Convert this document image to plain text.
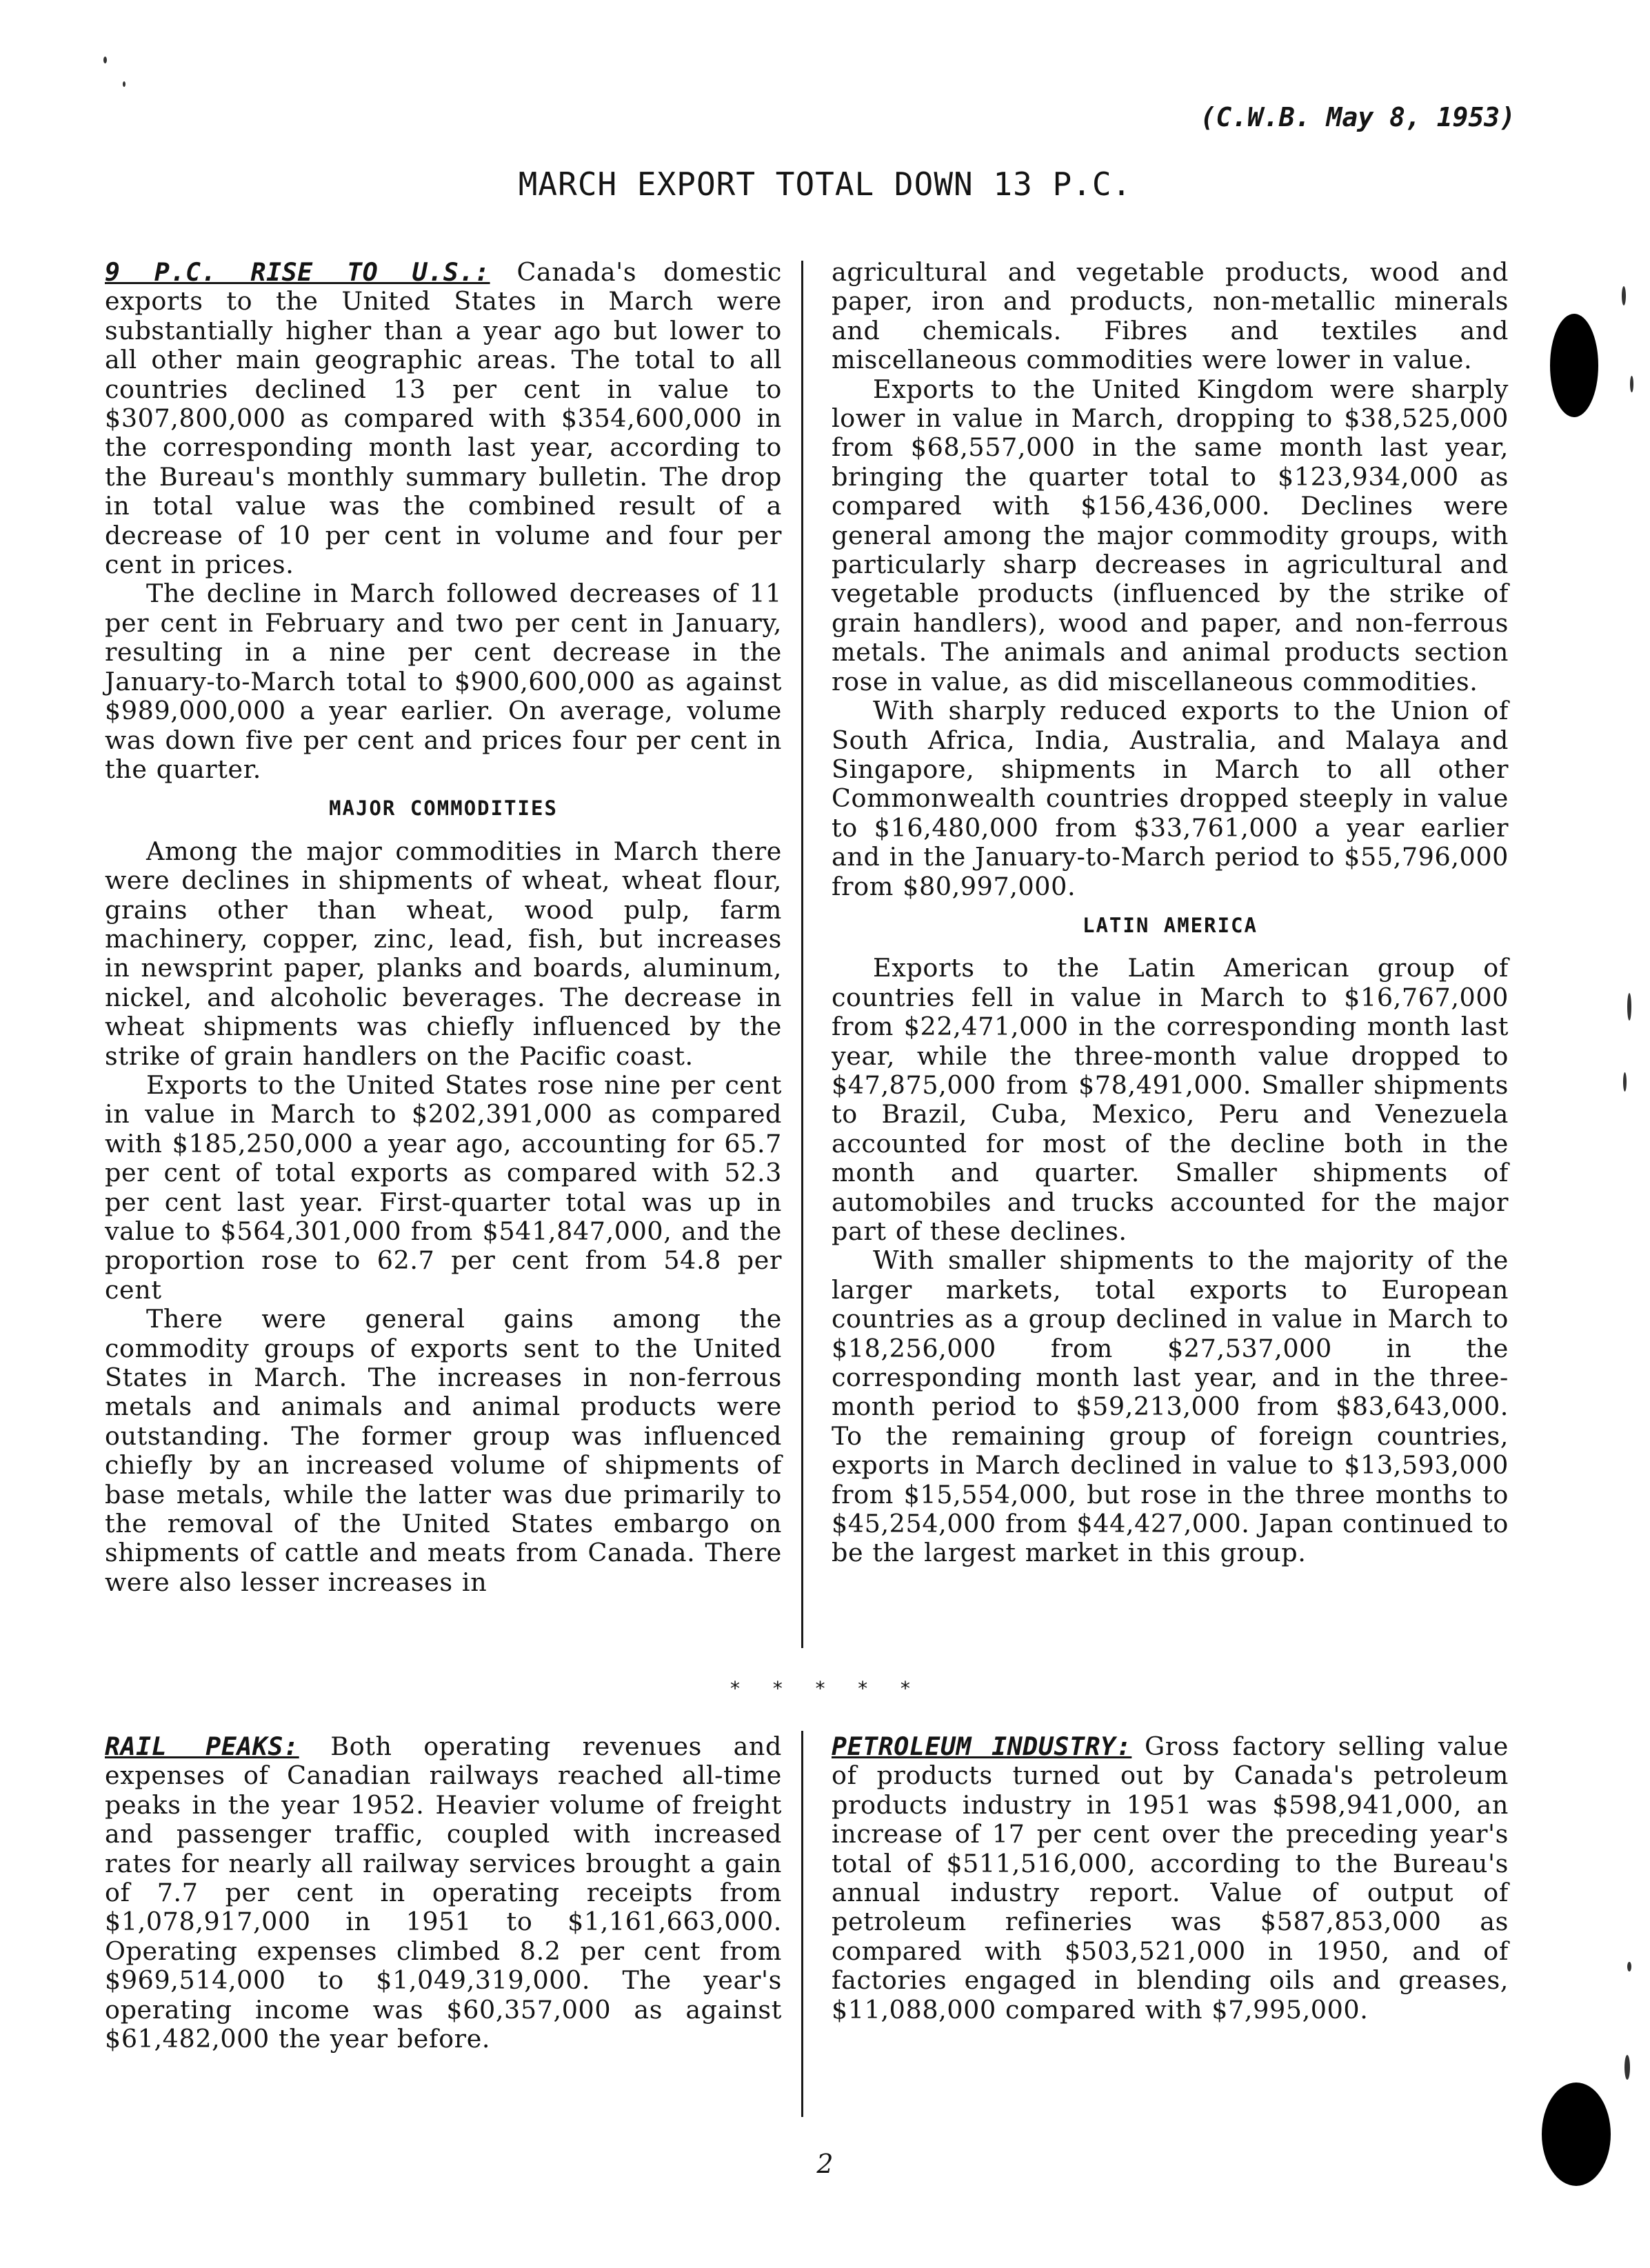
(C.W.B. May 8, 1953)
MARCH EXPORT TOTAL DOWN 13 P.C.

9 P.C. RISE TO U.S.: Canada's domestic exports to the United States in March were substantially higher than a year ago but lower to all other main geographic areas. The total to all countries declined 13 per cent in value to $307,800,000 as compared with $354,600,000 in the corresponding month last year, according to the Bureau's monthly summary bulletin. The drop in total value was the combined result of a decrease of 10 per cent in volume and four per cent in prices.

The decline in March followed decreases of 11 per cent in February and two per cent in January, resulting in a nine per cent decrease in the January-to-March total to $900,600,000 as against $989,000,000 a year earlier. On average, volume was down five per cent and prices four per cent in the quarter.

MAJOR COMMODITIES

Among the major commodities in March there were declines in shipments of wheat, wheat flour, grains other than wheat, wood pulp, farm machinery, copper, zinc, lead, fish, but increases in newsprint paper, planks and boards, aluminum, nickel, and alcoholic beverages. The decrease in wheat shipments was chiefly influenced by the strike of grain handlers on the Pacific coast.

Exports to the United States rose nine per cent in value in March to $202,391,000 as compared with $185,250,000 a year ago, accounting for 65.7 per cent of total exports as compared with 52.3 per cent last year. First-quarter total was up in value to $564,301,000 from $541,847,000, and the proportion rose to 62.7 per cent from 54.8 per cent

There were general gains among the commodity groups of exports sent to the United States in March. The increases in non-ferrous metals and animals and animal products were outstanding. The former group was influenced chiefly by an increased volume of shipments of base metals, while the latter was due primarily to the removal of the United States embargo on shipments of cattle and meats from Canada. There were also lesser increases in

agricultural and vegetable products, wood and paper, iron and products, non-metallic minerals and chemicals. Fibres and textiles and miscellaneous commodities were lower in value.

Exports to the United Kingdom were sharply lower in value in March, dropping to $38,525,000 from $68,557,000 in the same month last year, bringing the quarter total to $123,934,000 as compared with $156,436,000. Declines were general among the major commodity groups, with particularly sharp decreases in agricultural and vegetable products (influenced by the strike of grain handlers), wood and paper, and non-ferrous metals. The animals and animal products section rose in value, as did miscellaneous commodities.

With sharply reduced exports to the Union of South Africa, India, Australia, and Malaya and Singapore, shipments in March to all other Commonwealth countries dropped steeply in value to $16,480,000 from $33,761,000 a year earlier and in the January-to-March period to $55,796,000 from $80,997,000.

LATIN AMERICA

Exports to the Latin American group of countries fell in value in March to $16,767,000 from $22,471,000 in the corresponding month last year, while the three-month value dropped to $47,875,000 from $78,491,000. Smaller shipments to Brazil, Cuba, Mexico, Peru and Venezuela accounted for most of the decline both in the month and quarter. Smaller shipments of automobiles and trucks accounted for the major part of these declines.

With smaller shipments to the majority of the larger markets, total exports to European countries as a group declined in value in March to $18,256,000 from $27,537,000 in the corresponding month last year, and in the three-month period to $59,213,000 from $83,643,000. To the remaining group of foreign countries, exports in March declined in value to $13,593,000 from $15,554,000, but rose in the three months to $45,254,000 from $44,427,000. Japan continued to be the largest market in this group.

* * * * *

RAIL PEAKS: Both operating revenues and expenses of Canadian railways reached all-time peaks in the year 1952. Heavier volume of freight and passenger traffic, coupled with increased rates for nearly all railway services brought a gain of 7.7 per cent in operating receipts from $1,078,917,000 in 1951 to $1,161,663,000. Operating expenses climbed 8.2 per cent from $969,514,000 to $1,049,319,000. The year's operating income was $60,357,000 as against $61,482,000 the year before.

PETROLEUM INDUSTRY: Gross factory selling value of products turned out by Canada's petroleum products industry in 1951 was $598,941,000, an increase of 17 per cent over the preceding year's total of $511,516,000, according to the Bureau's annual industry report. Value of output of petroleum refineries was $587,853,000 as compared with $503,521,000 in 1950, and of factories engaged in blending oils and greases, $11,088,000 compared with $7,995,000.

2
